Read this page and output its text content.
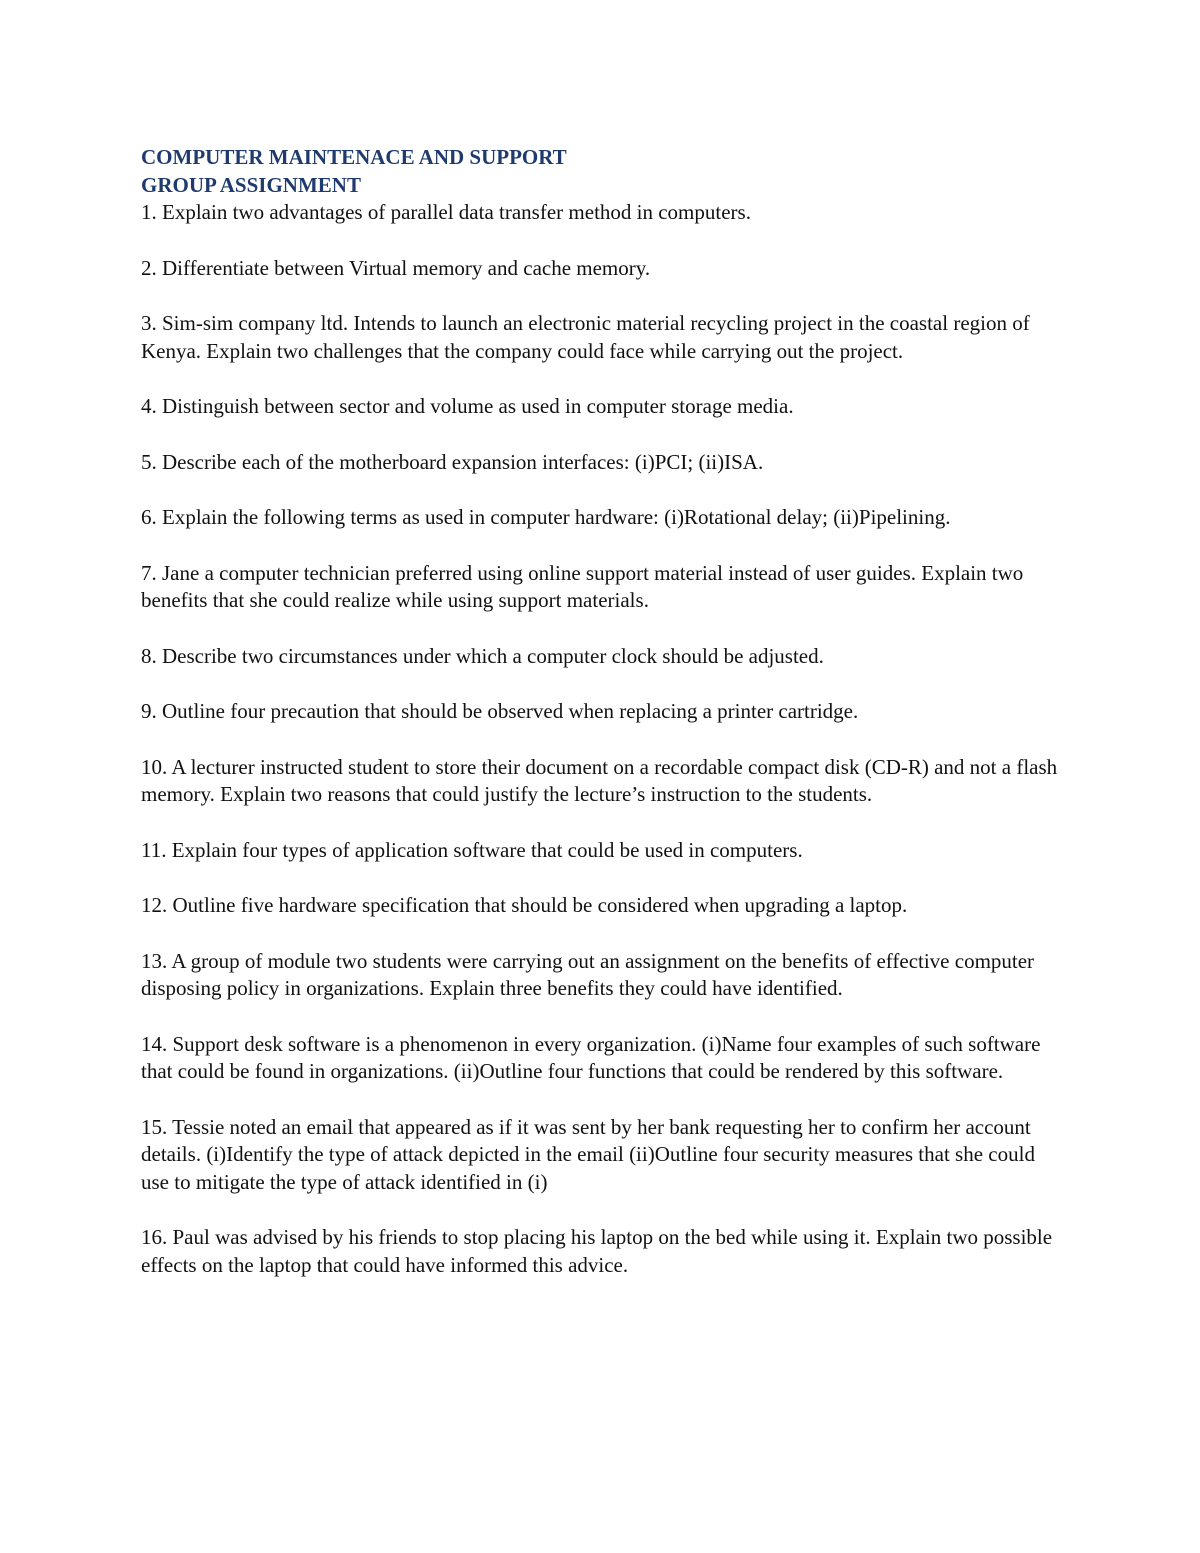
COMPUTER MAINTENACE AND SUPPORT
GROUP ASSIGNMENT

1. Explain two advantages of parallel data transfer method in computers.

2. Differentiate between Virtual memory and cache memory.

3. Sim-sim company ltd. Intends to launch an electronic material recycling project in the coastal region of Kenya. Explain two challenges that the company could face while carrying out the project.

4. Distinguish between sector and volume as used in computer storage media.

5. Describe each of the motherboard expansion interfaces: (i)PCI; (ii)ISA.

6. Explain the following terms as used in computer hardware: (i)Rotational delay; (ii)Pipelining.

7. Jane a computer technician preferred using online support material instead of user guides. Explain two benefits that she could realize while using support materials.

8. Describe two circumstances under which a computer clock should be adjusted.

9. Outline four precaution that should be observed when replacing a printer cartridge.

10. A lecturer instructed student to store their document on a recordable compact disk (CD-R) and not a flash memory. Explain two reasons that could justify the lecture’s instruction to the students.

11. Explain four types of application software that could be used in computers.

12. Outline five hardware specification that should be considered when upgrading a laptop.

13. A group of module two students were carrying out an assignment on the benefits of effective computer disposing policy in organizations. Explain three benefits they could have identified.

14. Support desk software is a phenomenon in every organization. (i)Name four examples of such software that could be found in organizations. (ii)Outline four functions that could be rendered by this software.

15. Tessie noted an email that appeared as if it was sent by her bank requesting her to confirm her account details. (i)Identify the type of attack depicted in the email (ii)Outline four security measures that she could use to mitigate the type of attack identified in (i)

16. Paul was advised by his friends to stop placing his laptop on the bed while using it. Explain two possible effects on the laptop that could have informed this advice.
